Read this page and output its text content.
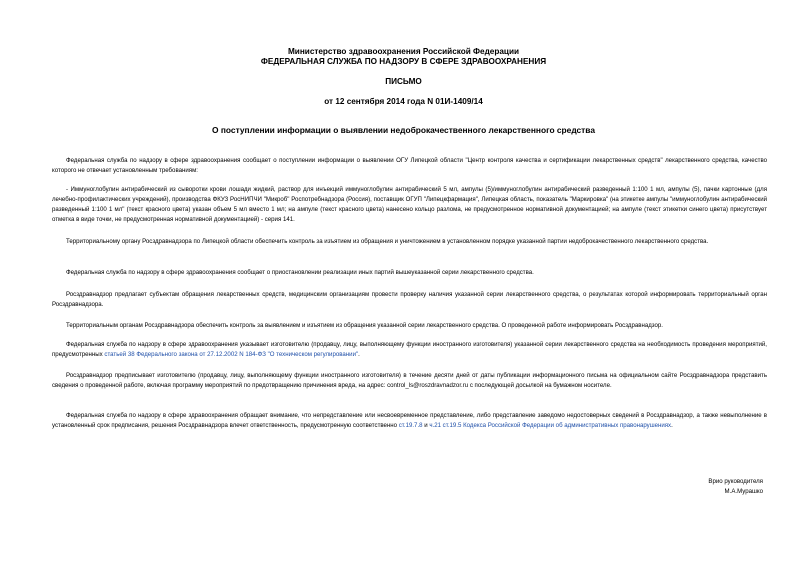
Министерство здравоохранения Российской Федерации
ФЕДЕРАЛЬНАЯ СЛУЖБА ПО НАДЗОРУ В СФЕРЕ ЗДРАВООХРАНЕНИЯ
ПИСЬМО
от 12 сентября 2014 года N 01И-1409/14
О поступлении информации о выявлении недоброкачественного лекарственного средства

Федеральная служба по надзору в сфере здравоохранения сообщает о поступлении информации о выявлении ОГУ Липецкой области "Центр контроля качества и сертификации лекарственных средств" лекарственного средства, качество которого не отвечает установленным требованиям:

- Иммуноглобулин антирабический из сыворотки крови лошади жидкий, раствор для инъекций иммуноглобулин антирабический 5 мл, ампулы (5)/иммуноглобулин антирабический разведенный 1:100 1 мл, ампулы (5), пачки картонные (для лечебно-профилактических учреждений), производства ФКУЗ РосНИПЧИ "Микроб" Роспотребнадзора (Россия), поставщик ОГУП "Липецкфармация", Липецкая область, показатель "Маркировка" (на этикетке ампулы "иммуноглобулин антирабический разведенный 1:100 1 мл" (текст красного цвета) указан объем 5 мл вместо 1 мл; на ампуле (текст красного цвета) нанесено кольцо разлома, не предусмотренное нормативной документацией; на ампуле (текст этикетки синего цвета) присутствует отметка в виде точки, не предусмотренная нормативной документацией) - серия 141.

Территориальному органу Росздравнадзора по Липецкой области обеспечить контроль за изъятием из обращения и уничтожением в установленном порядке указанной партии недоброкачественного лекарственного средства.

Федеральная служба по надзору в сфере здравоохранения сообщает о приостановлении реализации иных партий вышеуказанной серии лекарственного средства.

Росздравнадзор предлагает субъектам обращения лекарственных средств, медицинским организациям провести проверку наличия указанной серии лекарственного средства, о результатах которой информировать территориальный орган Росздравнадзора.

Территориальным органам Росздравнадзора обеспечить контроль за выявлением и изъятием из обращения указанной серии лекарственного средства. О проведенной работе информировать Росздравнадзор.

Федеральная служба по надзору в сфере здравоохранения указывает изготовителю (продавцу, лицу, выполняющему функции иностранного изготовителя) указанной серии лекарственного средства на необходимость проведения мероприятий, предусмотренных статьей 38 Федерального закона от 27.12.2002 N 184-ФЗ "О техническом регулировании".

Росздравнадзор предписывает изготовителю (продавцу, лицу, выполняющему функции иностранного изготовителя) в течение десяти дней от даты публикации информационного письма на официальном сайте Росздравнадзора представить сведения о проведенной работе, включая программу мероприятий по предотвращению причинения вреда, на адрес: control_ls@roszdravnadzor.ru с последующей досылкой на бумажном носителе.

Федеральная служба по надзору в сфере здравоохранения обращает внимание, что непредставление или несвоевременное представление, либо представление заведомо недостоверных сведений в Росздравнадзор, а также невыполнение в установленный срок предписания, решения Росздравнадзора влечет ответственность, предусмотренную соответственно ст.19.7.8 и ч.21 ст.19.5 Кодекса Российской Федерации об административных правонарушениях.

Врио руководителя
М.А.Мурашко
